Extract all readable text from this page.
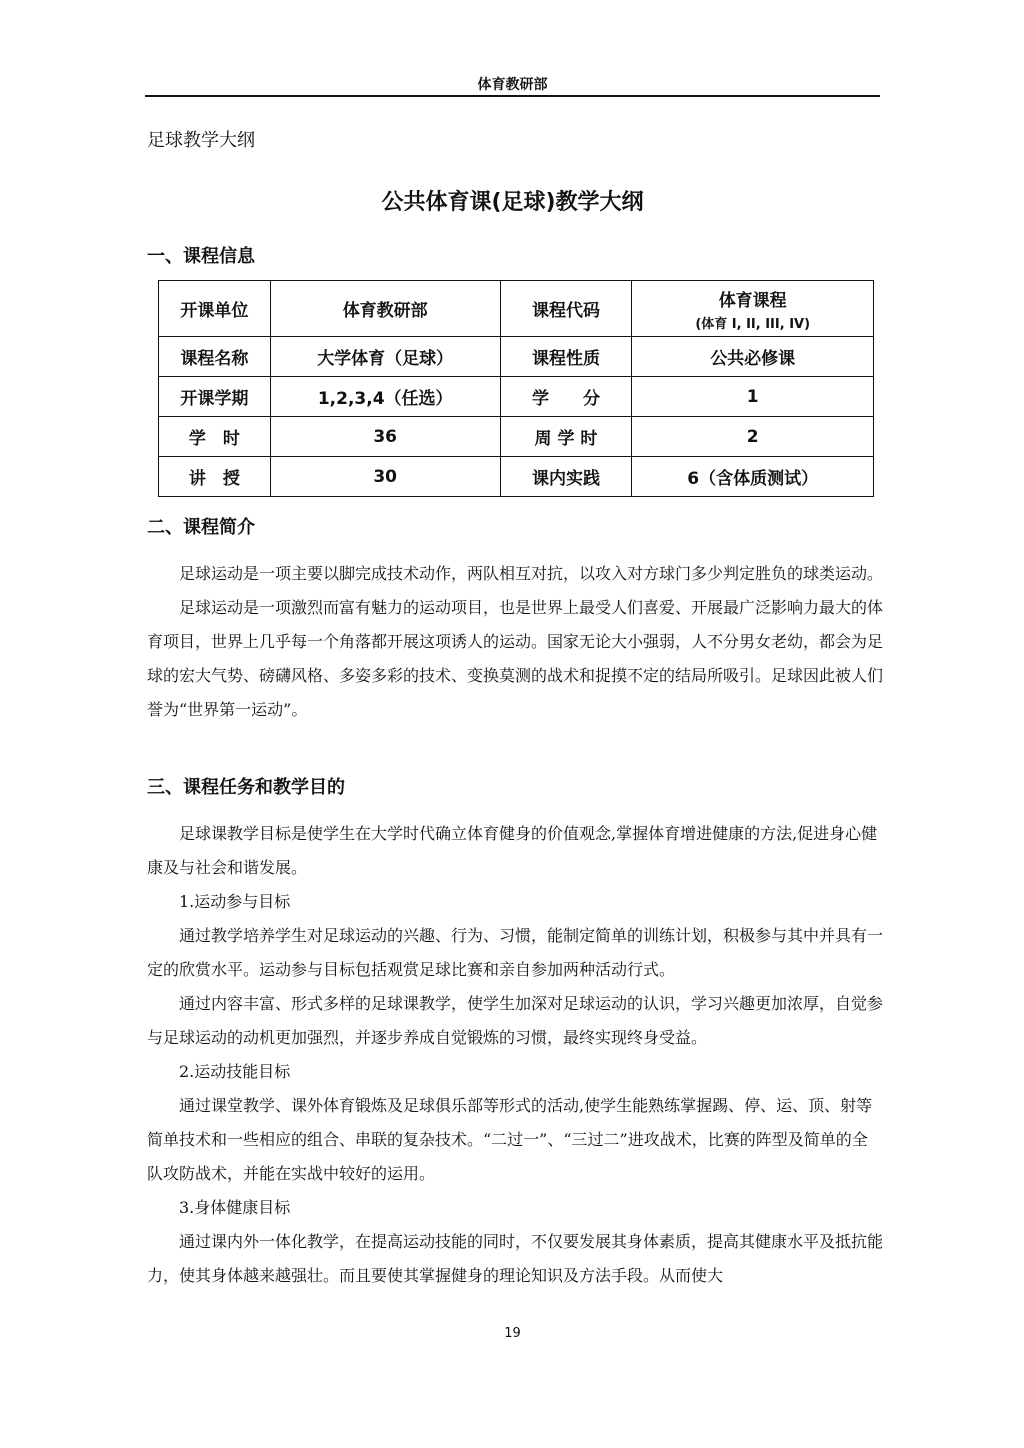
体育教研部
足球教学大纲
公共体育课(足球)教学大纲
一、课程信息
开课单位	体育教研部	课程代码	体育课程
(体育 I, II, III, IV)

课程名称	大学体育（足球）	课程性质	公共必修课
开课学期	1,2,3,4（任选）	学　　分	1
学　时	36	周 学 时	2
讲　授	30	课内实践	6（含体质测试）
二、课程简介

足球运动是一项主要以脚完成技术动作，两队相互对抗，以攻入对方球门多少判定胜负的球类运动。

足球运动是一项激烈而富有魅力的运动项目，也是世界上最受人们喜爱、开展最广泛影响力最大的体育项目，世界上几乎每一个角落都开展这项诱人的运动。国家无论大小强弱，人不分男女老幼，都会为足球的宏大气势、磅礴风格、多姿多彩的技术、变换莫测的战术和捉摸不定的结局所吸引。足球因此被人们誉为“世界第一运动”。

三、课程任务和教学目的

足球课教学目标是使学生在大学时代确立体育健身的价值观念,掌握体育增进健康的方法,促进身心健康及与社会和谐发展。

1.运动参与目标

通过教学培养学生对足球运动的兴趣、行为、习惯，能制定简单的训练计划，积极参与其中并具有一定的欣赏水平。运动参与目标包括观赏足球比赛和亲自参加两种活动行式。

通过内容丰富、形式多样的足球课教学，使学生加深对足球运动的认识，学习兴趣更加浓厚，自觉参与足球运动的动机更加强烈，并逐步养成自觉锻炼的习惯，最终实现终身受益。

2.运动技能目标

通过课堂教学、课外体育锻炼及足球俱乐部等形式的活动,使学生能熟练掌握踢、停、运、顶、射等简单技术和一些相应的组合、串联的复杂技术。“二过一”、“三过二”进攻战术，比赛的阵型及简单的全队攻防战术，并能在实战中较好的运用。

3.身体健康目标

通过课内外一体化教学，在提高运动技能的同时，不仅要发展其身体素质，提高其健康水平及抵抗能力，使其身体越来越强壮。而且要使其掌握健身的理论知识及方法手段。从而使大

19
